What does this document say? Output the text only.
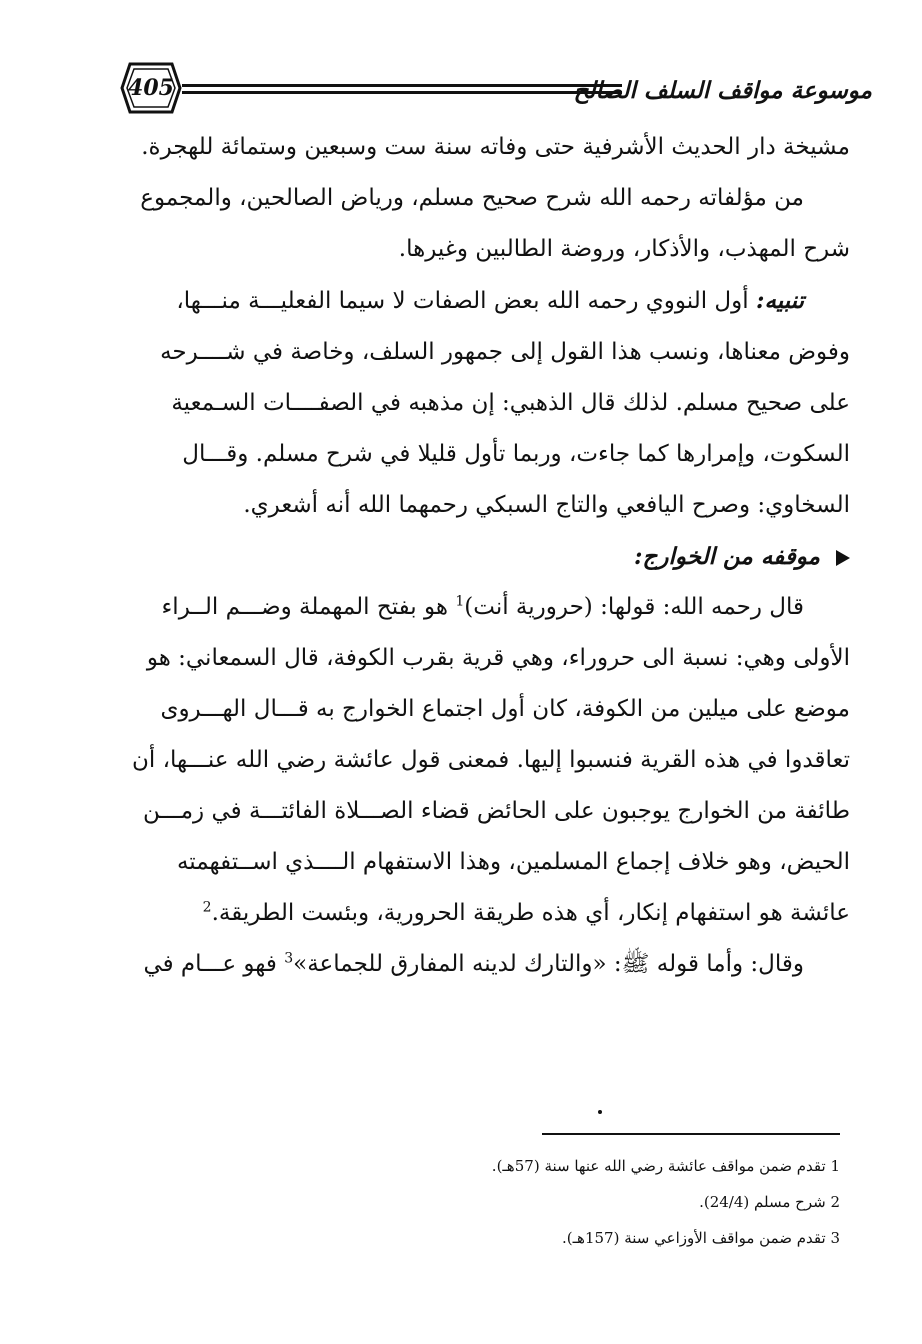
405	موسوعة مواقف السلف الصالح
مشيخة دار الحديث الأشرفية حتى وفاته سنة ست وسبعين وستمائة للهجرة.
من مؤلفاته رحمه الله شرح صحيح مسلم، ورياض الصالحين، والمجموع
شرح المهذب، والأذكار، وروضة الطالبين وغيرها.
تنبيه: أول النووي رحمه الله بعض الصفات لا سيما الفعليـــة منـــها،
وفوض معناها، ونسب هذا القول إلى جمهور السلف، وخاصة في شــــرحه
على صحيح مسلم. لذلك قال الذهبي: إن مذهبه في الصفــــات السـمعية
السكوت، وإمرارها كما جاءت، وربما تأول قليلا في شرح مسلم. وقـــال
السخاوي: وصرح اليافعي والتاج السبكي رحمهما الله أنه أشعري.
موقفه من الخوارج:
قال رحمه الله: قولها: (حرورية أنت)$^1$ هو بفتح المهملة وضـــم الــراء
الأولى وهي: نسبة الى حروراء، وهي قرية بقرب الكوفة، قال السمعاني: هو
موضع على ميلين من الكوفة، كان أول اجتماع الخوارج به قـــال الهـــروى
تعاقدوا في هذه القرية فنسبوا إليها. فمعنى قول عائشة رضي الله عنـــها، أن
طائفة من الخوارج يوجبون على الحائض قضاء الصـــلاة الفائتـــة في زمـــن
الحيض، وهو خلاف إجماع المسلمين، وهذا الاستفهام الــــذي اســتفهمته
عائشة هو استفهام إنكار، أي هذه طريقة الحرورية، وبئست الطريقة.$^2$
وقال: وأما قوله ﷺ: «والتارك لدينه المفارق للجماعة»$^3$ فهو عـــام في
1 تقدم ضمن مواقف عائشة رضي الله عنها سنة (57هـ).
2 شرح مسلم (24/4).
3 تقدم ضمن مواقف الأوزاعي سنة (157هـ).
